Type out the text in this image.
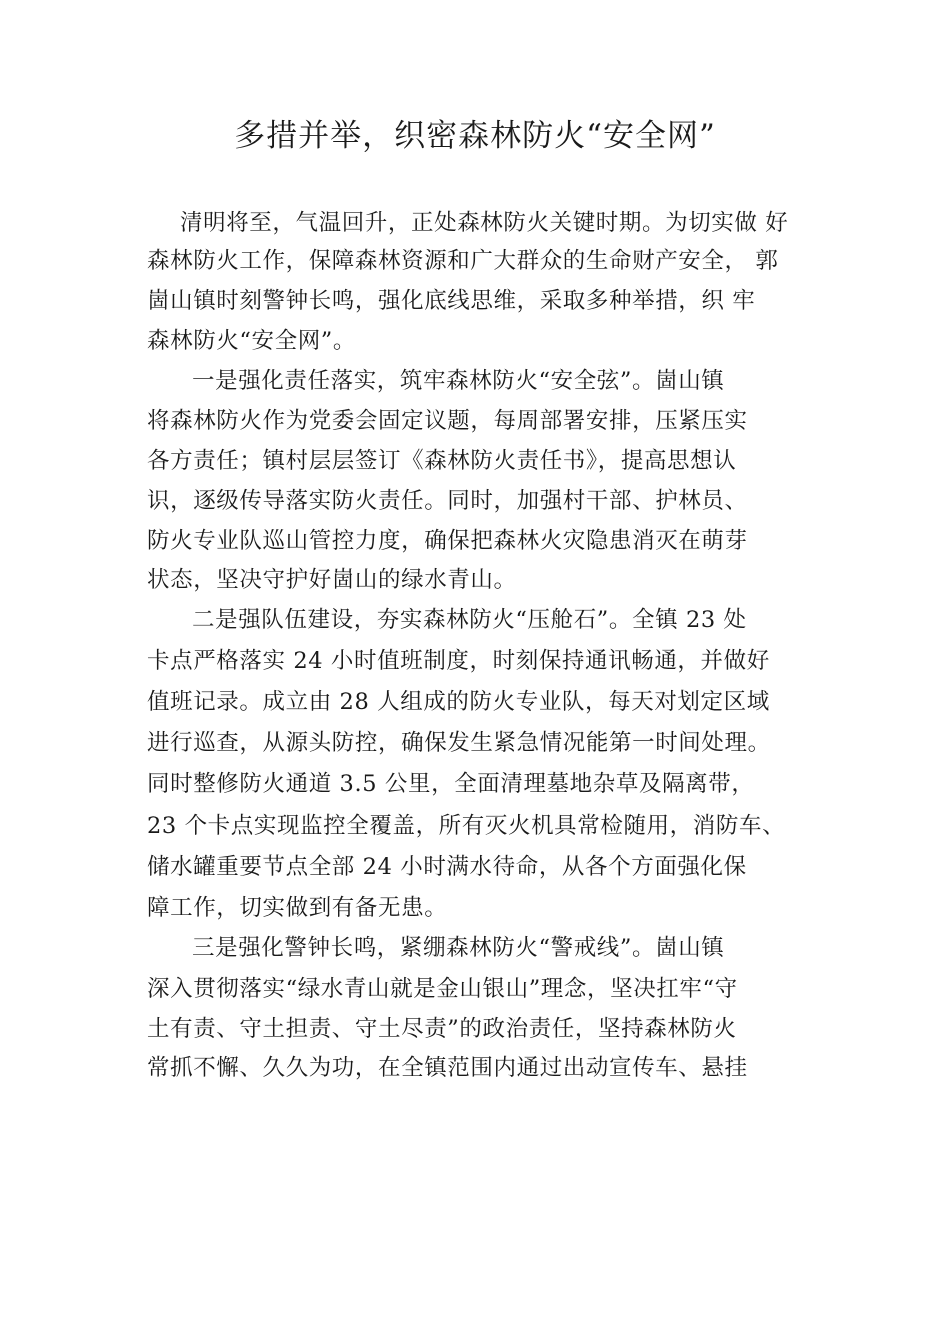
多措并举，织密森林防火“安全网”

清明将至，气温回升，正处森林防火关键时期。为切实做 好

森林防火工作，保障森林资源和广大群众的生命财产安全， 郭

崮山镇时刻警钟长鸣，强化底线思维，采取多种举措，织 牢

森林防火“安全网”。

一是强化责任落实，筑牢森林防火“安全弦”。崮山镇

将森林防火作为党委会固定议题，每周部署安排，压紧压实

各方责任；镇村层层签订《森林防火责任书》，提高思想认

识，逐级传导落实防火责任。同时，加强村干部、护林员、

防火专业队巡山管控力度，确保把森林火灾隐患消灭在萌芽

状态，坚决守护好崮山的绿水青山。

二是强队伍建设，夯实森林防火“压舱石”。全镇 23 处

卡点严格落实 24 小时值班制度，时刻保持通讯畅通，并做好

值班记录。成立由 28 人组成的防火专业队，每天对划定区域

进行巡查，从源头防控，确保发生紧急情况能第一时间处理。

同时整修防火通道 3.5 公里，全面清理墓地杂草及隔离带，

23 个卡点实现监控全覆盖，所有灭火机具常检随用，消防车、

储水罐重要节点全部 24 小时满水待命，从各个方面强化保

障工作，切实做到有备无患。

三是强化警钟长鸣，紧绷森林防火“警戒线”。崮山镇

深入贯彻落实“绿水青山就是金山银山”理念，坚决扛牢“守

土有责、守土担责、守土尽责”的政治责任，坚持森林防火

常抓不懈、久久为功，在全镇范围内通过出动宣传车、悬挂
